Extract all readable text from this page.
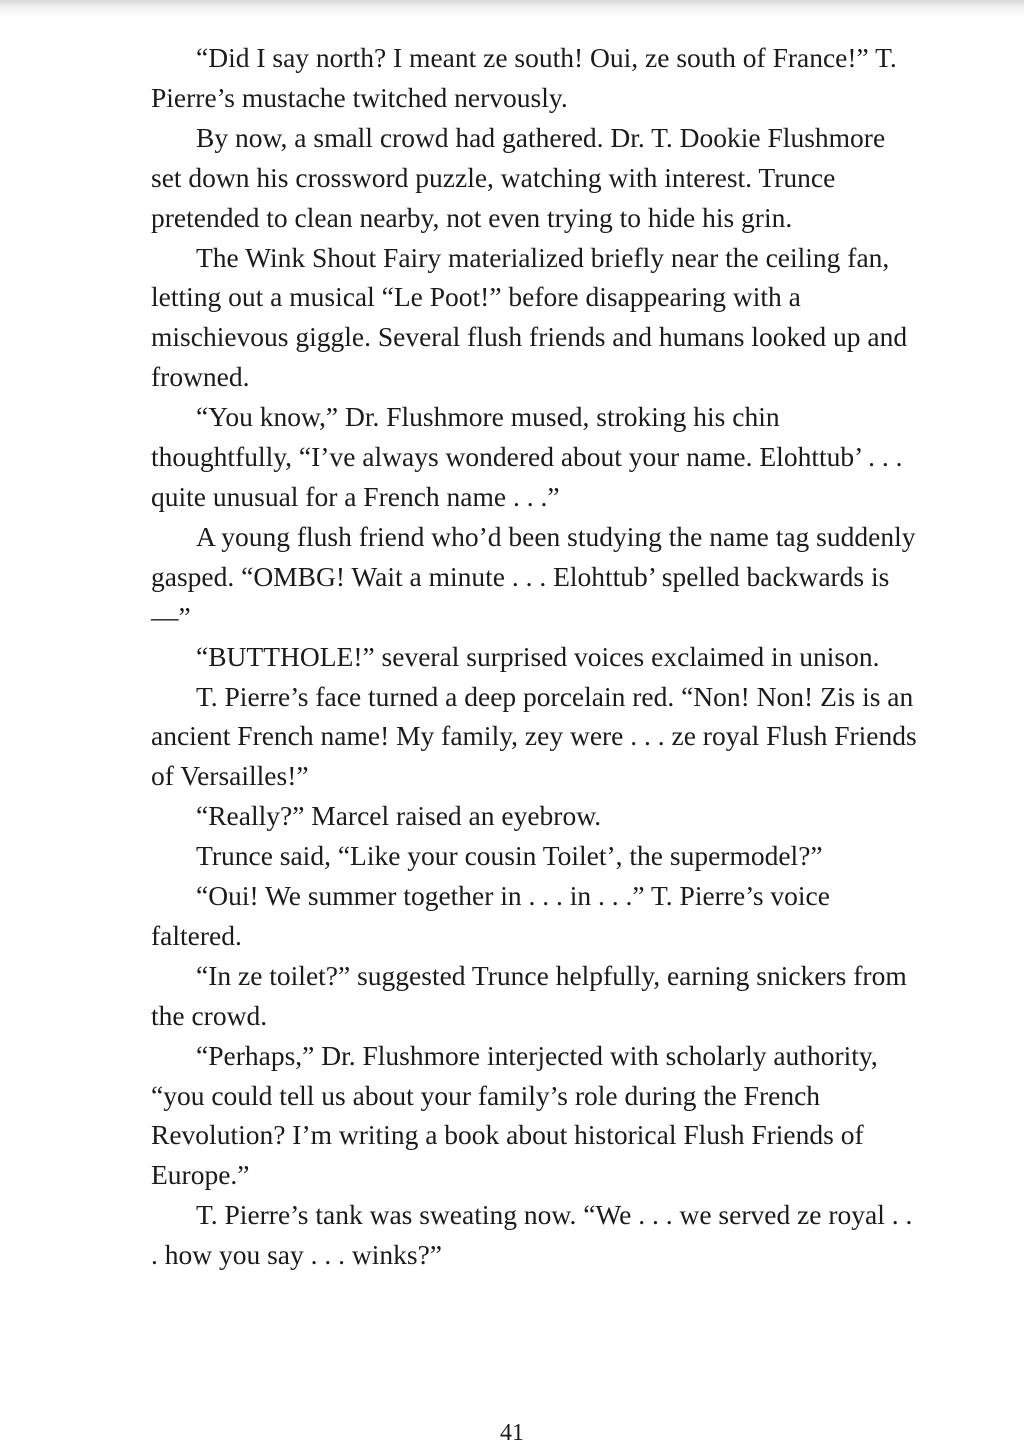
“Did I say north? I meant ze south! Oui, ze south of France!” T. Pierre’s mustache twitched nervously.

By now, a small crowd had gathered. Dr. T. Dookie Flushmore set down his crossword puzzle, watching with interest. Trunce pretended to clean nearby, not even trying to hide his grin.

The Wink Shout Fairy materialized briefly near the ceiling fan, letting out a musical “Le Poot!” before disappearing with a mischievous giggle. Several flush friends and humans looked up and frowned.

“You know,” Dr. Flushmore mused, stroking his chin thoughtfully, “I’ve always wondered about your name. Elohttub’ . . . quite unusual for a French name . . .”

A young flush friend who’d been studying the name tag suddenly gasped. “OMBG! Wait a minute . . . Elohttub’ spelled backwards is—”

“BUTTHOLE!” several surprised voices exclaimed in unison.

T. Pierre’s face turned a deep porcelain red. “Non! Non! Zis is an ancient French name! My family, zey were . . . ze royal Flush Friends of Versailles!”

“Really?” Marcel raised an eyebrow.

Trunce said, “Like your cousin Toilet’, the supermodel?”

“Oui! We summer together in . . . in . . .” T. Pierre’s voice faltered.

“In ze toilet?” suggested Trunce helpfully, earning snickers from the crowd.

“Perhaps,” Dr. Flushmore interjected with scholarly authority, “you could tell us about your family’s role during the French Revolution? I’m writing a book about historical Flush Friends of Europe.”

T. Pierre’s tank was sweating now. “We . . . we served ze royal . . . how you say . . . winks?”

41
